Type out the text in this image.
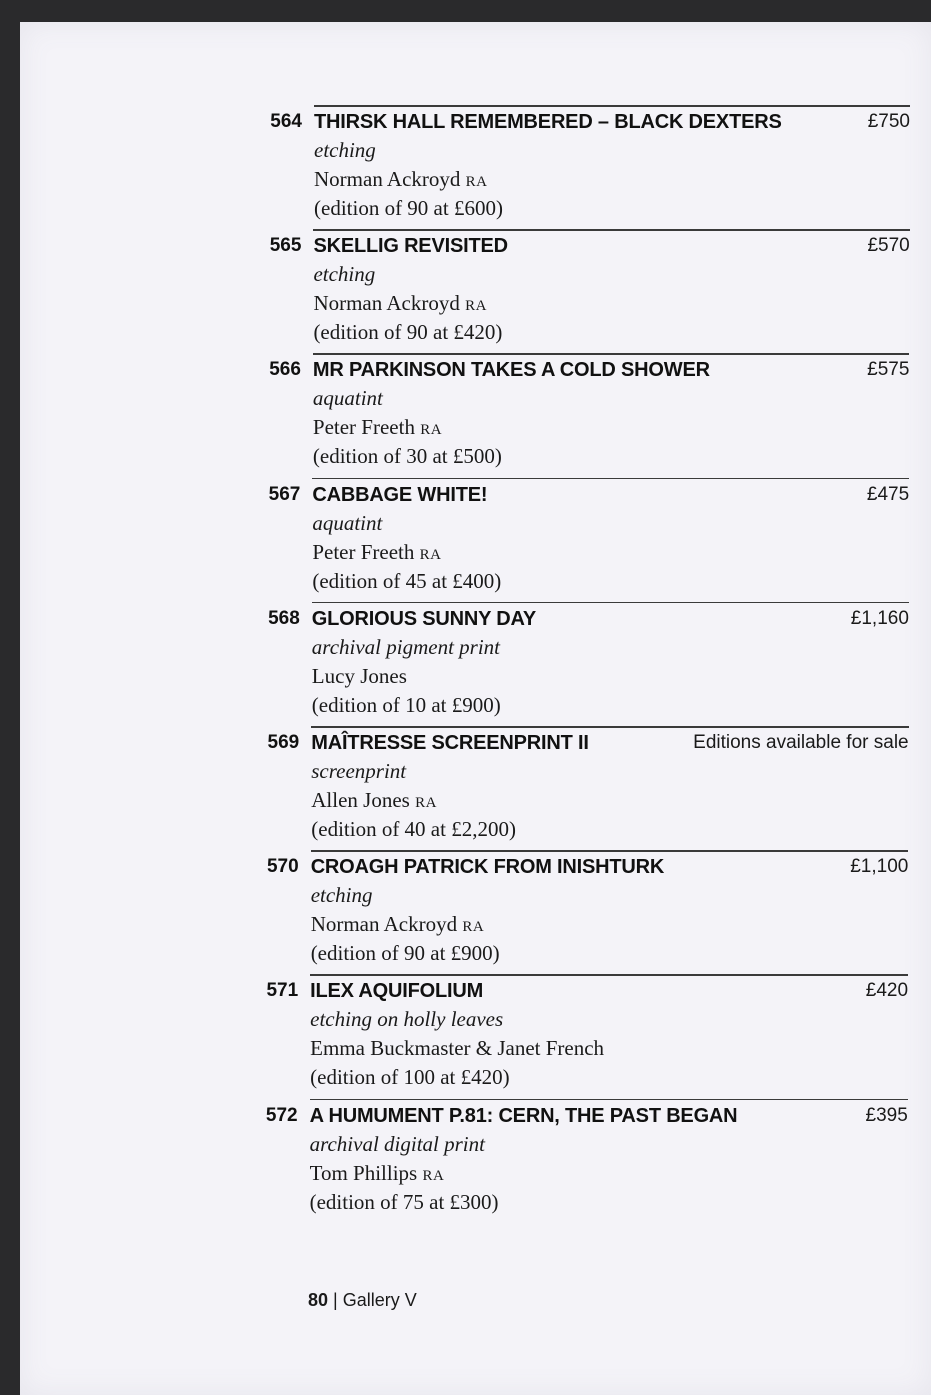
564 THIRSK HALL REMEMBERED – BLACK DEXTERS	£750
etching
Norman Ackroyd RA
(edition of 90 at £600)
565 SKELLIG REVISITED	£570
etching
Norman Ackroyd RA
(edition of 90 at £420)
566 MR PARKINSON TAKES A COLD SHOWER	£575
aquatint
Peter Freeth RA
(edition of 30 at £500)
567 CABBAGE WHITE!	£475
aquatint
Peter Freeth RA
(edition of 45 at £400)
568 GLORIOUS SUNNY DAY	£1,160
archival pigment print
Lucy Jones
(edition of 10 at £900)
569 MAÎTRESSE SCREENPRINT II	Editions available for sale
screenprint
Allen Jones RA
(edition of 40 at £2,200)
570 CROAGH PATRICK FROM INISHTURK	£1,100
etching
Norman Ackroyd RA
(edition of 90 at £900)
571 ILEX AQUIFOLIUM	£420
etching on holly leaves
Emma Buckmaster & Janet French
(edition of 100 at £420)
572 A HUMUMENT P.81: CERN, THE PAST BEGAN	£395
archival digital print
Tom Phillips RA
(edition of 75 at £300)
80 | Gallery V
